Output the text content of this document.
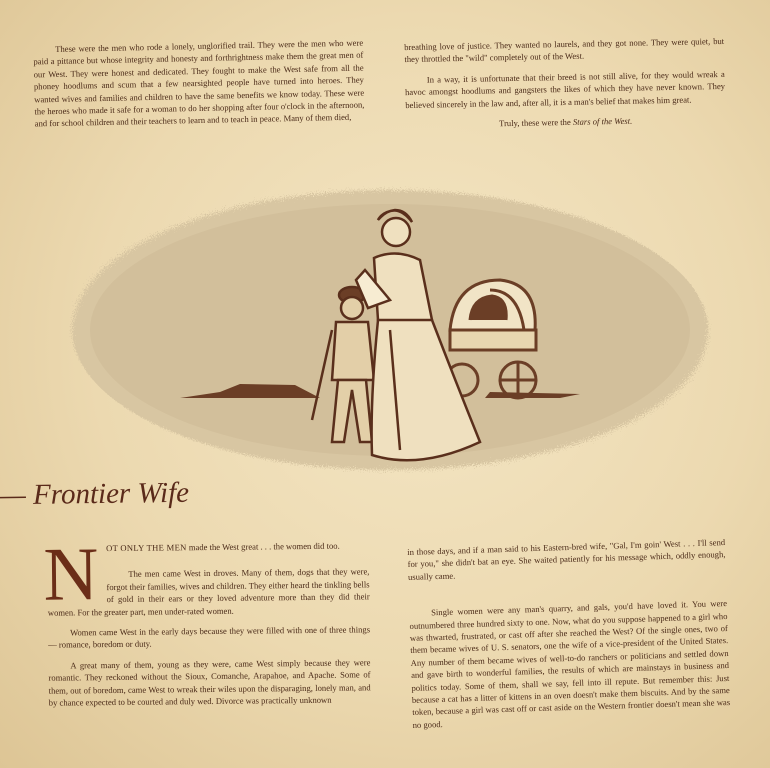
These were the men who rode a lonely, unglorified trail. They were the men who were paid a pittance but whose integrity and honesty and forthrightness make them the great men of our West. They were honest and dedicated. They fought to make the West safe from all the phoney hoodlums and scum that a few nearsighted people have turned into heroes. They wanted wives and families and children to have the same benefits we know today. These were the heroes who made it safe for a woman to do her shopping after four o'clock in the afternoon, and for school children and their teachers to learn and to teach in peace. Many of them died,

breathing love of justice. They wanted no laurels, and they got none. They were quiet, but they throttled the "wild" completely out of the West.

In a way, it is unfortunate that their breed is not still alive, for they would wreak a havoc amongst hoodlums and gangsters the likes of which they have never known. They believed sincerely in the law and, after all, it is a man's belief that makes him great.

Truly, these were the Stars of the West.

— Frontier Wife
N OT ONLY THE MEN made the West great . . . the women did too.

The men came West in droves. Many of them, dogs that they were, forgot their families, wives and children. They either heard the tinkling bells of gold in their ears or they loved adventure more than they did their women. For the greater part, men under-rated women.

Women came West in the early days because they were filled with one of three things — romance, boredom or duty.

A great many of them, young as they were, came West simply because they were romantic. They reckoned without the Sioux, Comanche, Arapahoe, and Apache. Some of them, out of boredom, came West to wreak their wiles upon the disparaging, lonely man, and by chance expected to be courted and duly wed. Divorce was practically unknown

in those days, and if a man said to his Eastern-bred wife, "Gal, I'm goin' West . . . I'll send for you," she didn't bat an eye. She waited patiently for his message which, oddly enough, usually came.

Single women were any man's quarry, and gals, you'd have loved it. You were outnumbered three hundred sixty to one. Now, what do you suppose happened to a girl who was thwarted, frustrated, or cast off after she reached the West? Of the single ones, two of them became wives of U. S. senators, one the wife of a vice-president of the United States. Any number of them became wives of well-to-do ranchers or politicians and settled down and gave birth to wonderful families, the results of which are mainstays in business and politics today. Some of them, shall we say, fell into ill repute. But remember this: Just because a cat has a litter of kittens in an oven doesn't make them biscuits. And by the same token, because a girl was cast off or cast aside on the Western frontier doesn't mean she was no good.
